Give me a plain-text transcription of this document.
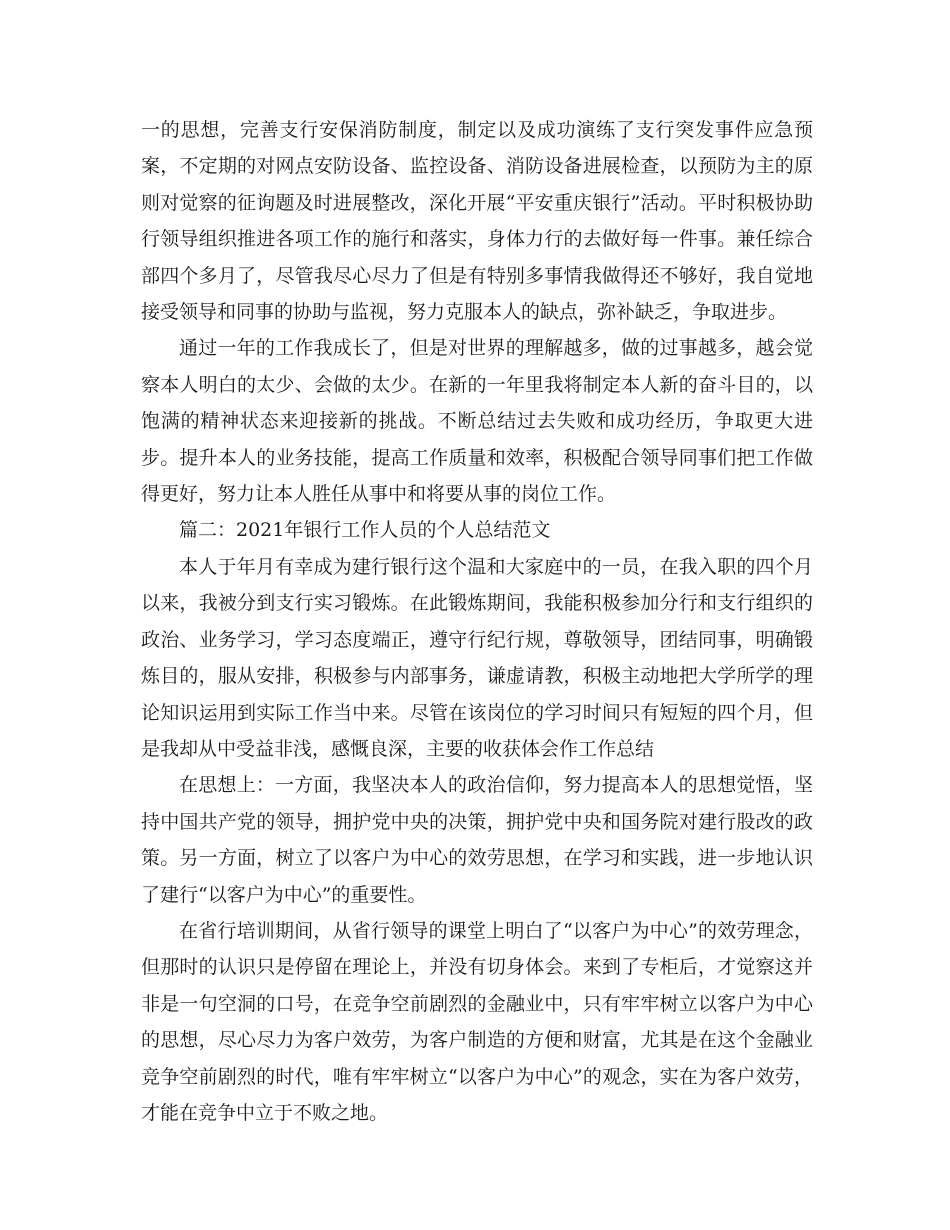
一的思想，完善支行安保消防制度，制定以及成功演练了支行突发事件应急预案，不定期的对网点安防设备、监控设备、消防设备进展检查，以预防为主的原则对觉察的征询题及时进展整改，深化开展“平安重庆银行”活动。平时积极协助行领导组织推进各项工作的施行和落实，身体力行的去做好每一件事。兼任综合部四个多月了，尽管我尽心尽力了但是有特别多事情我做得还不够好，我自觉地接受领导和同事的协助与监视，努力克服本人的缺点，弥补缺乏，争取进步。

通过一年的工作我成长了，但是对世界的理解越多，做的过事越多，越会觉察本人明白的太少、会做的太少。在新的一年里我将制定本人新的奋斗目的，以饱满的精神状态来迎接新的挑战。不断总结过去失败和成功经历，争取更大进步。提升本人的业务技能，提高工作质量和效率，积极配合领导同事们把工作做得更好，努力让本人胜任从事中和将要从事的岗位工作。

篇二：2021年银行工作人员的个人总结范文

本人于年月有幸成为建行银行这个温和大家庭中的一员，在我入职的四个月以来，我被分到支行实习锻炼。在此锻炼期间，我能积极参加分行和支行组织的政治、业务学习，学习态度端正，遵守行纪行规，尊敬领导，团结同事，明确锻炼目的，服从安排，积极参与内部事务，谦虚请教，积极主动地把大学所学的理论知识运用到实际工作当中来。尽管在该岗位的学习时间只有短短的四个月，但是我却从中受益非浅，感慨良深，主要的收获体会作工作总结

在思想上：一方面，我坚决本人的政治信仰，努力提高本人的思想觉悟，坚持中国共产党的领导，拥护党中央的决策，拥护党中央和国务院对建行股改的政策。另一方面，树立了以客户为中心的效劳思想，在学习和实践，进一步地认识了建行“以客户为中心”的重要性。

在省行培训期间，从省行领导的课堂上明白了“以客户为中心”的效劳理念，但那时的认识只是停留在理论上，并没有切身体会。来到了专柜后，才觉察这并非是一句空洞的口号，在竞争空前剧烈的金融业中，只有牢牢树立以客户为中心的思想，尽心尽力为客户效劳，为客户制造的方便和财富，尤其是在这个金融业竞争空前剧烈的时代，唯有牢牢树立“以客户为中心”的观念，实在为客户效劳，才能在竞争中立于不败之地。
